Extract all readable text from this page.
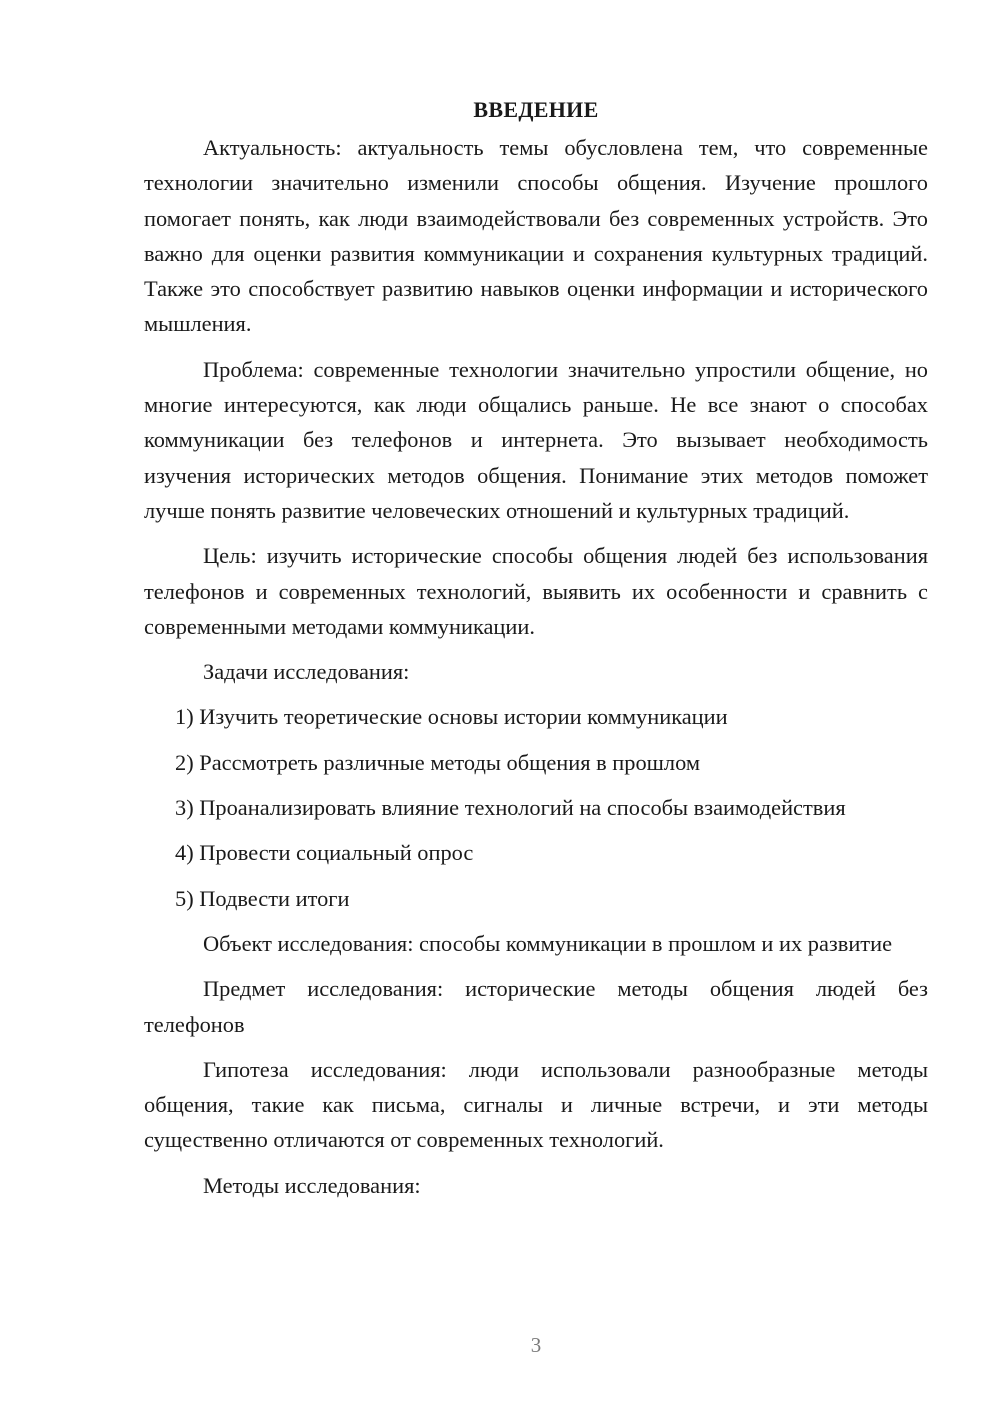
ВВЕДЕНИЕ

Актуальность: актуальность темы обусловлена тем, что современные технологии значительно изменили способы общения. Изучение прошлого помогает понять, как люди взаимодействовали без современных устройств. Это важно для оценки развития коммуникации и сохранения культурных традиций. Также это способствует развитию навыков оценки информации и исторического мышления.

Проблема: современные технологии значительно упростили общение, но многие интересуются, как люди общались раньше. Не все знают о способах коммуникации без телефонов и интернета. Это вызывает необходимость изучения исторических методов общения. Понимание этих методов поможет лучше понять развитие человеческих отношений и культурных традиций.

Цель: изучить исторические способы общения людей без использования телефонов и современных технологий, выявить их особенности и сравнить с современными методами коммуникации.

Задачи исследования:

1) Изучить теоретические основы истории коммуникации
2) Рассмотреть различные методы общения в прошлом
3) Проанализировать влияние технологий на способы взаимодействия
4) Провести социальный опрос
5) Подвести итоги

Объект исследования: способы коммуникации в прошлом и их развитие

Предмет исследования: исторические методы общения людей без телефонов

Гипотеза исследования: люди использовали разнообразные методы общения, такие как письма, сигналы и личные встречи, и эти методы существенно отличаются от современных технологий.

Методы исследования:

3
